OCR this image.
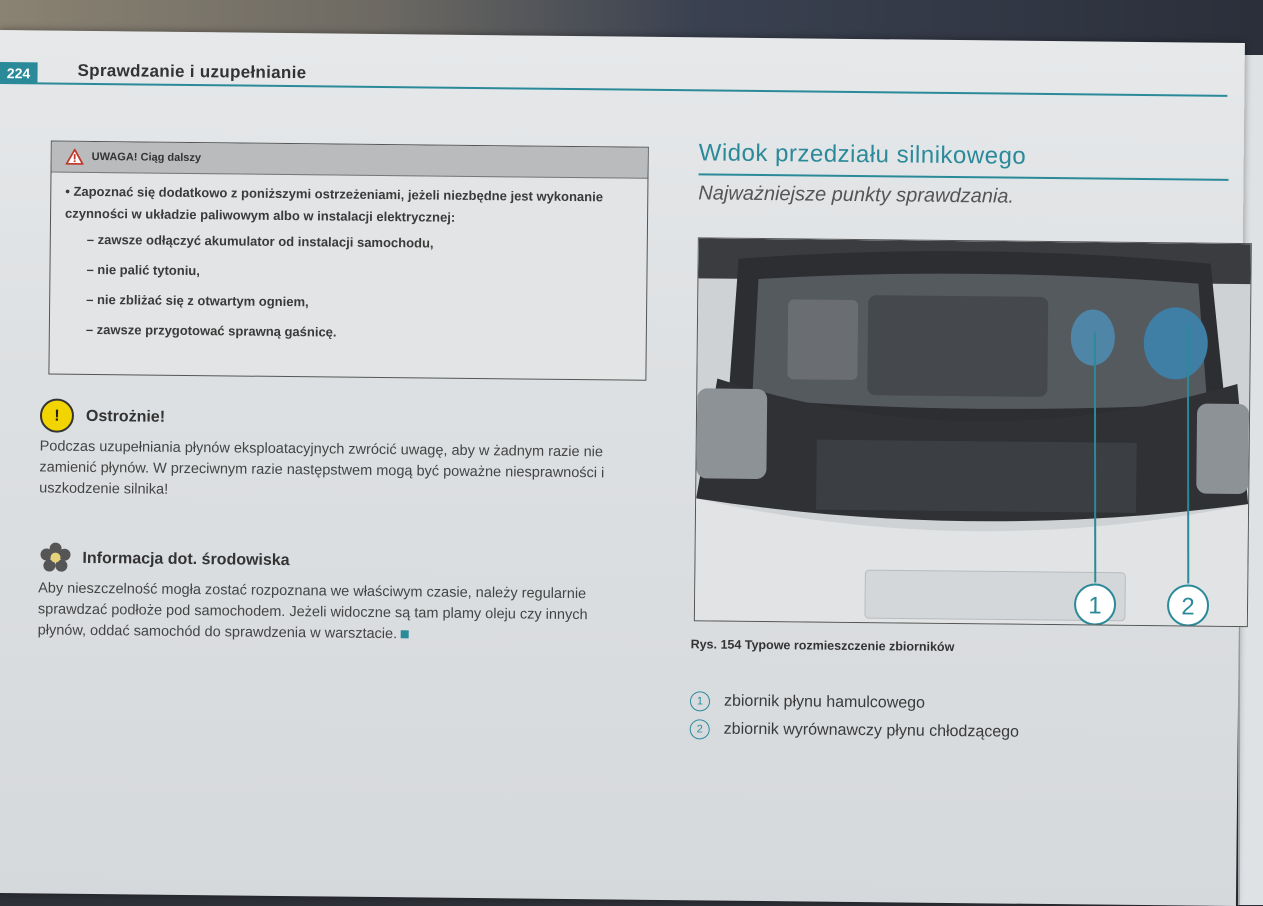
224	Sprawdzanie i uzupełnianie
UWAGA! Ciąg dalszy
• Zapoznać się dodatkowo z poniższymi ostrzeżeniami, jeżeli niezbędne jest wykonanie czynności w układzie paliwowym albo w instalacji elektrycznej:
– zawsze odłączyć akumulator od instalacji samochodu,
– nie palić tytoniu,
– nie zbliżać się z otwartym ogniem,
– zawsze przygotować sprawną gaśnicę.
!	Ostrożnie!
Podczas uzupełniania płynów eksploatacyjnych zwrócić uwagę, aby w żadnym razie nie zamienić płynów. W przeciwnym razie następstwem mogą być poważne niesprawności i uszkodzenie silnika!
Informacja dot. środowiska
Aby nieszczelność mogła zostać rozpoznana we właściwym czasie, należy regularnie sprawdzać podłoże pod samochodem. Jeżeli widoczne są tam plamy oleju czy innych płynów, oddać samochód do sprawdzenia w warsztacie.
Widok przedziału silnikowego
Najważniejsze punkty sprawdzania.
1	2
Rys. 154 Typowe rozmieszczenie zbiorników
1	zbiornik płynu hamulcowego
2	zbiornik wyrównawczy płynu chłodzącego
